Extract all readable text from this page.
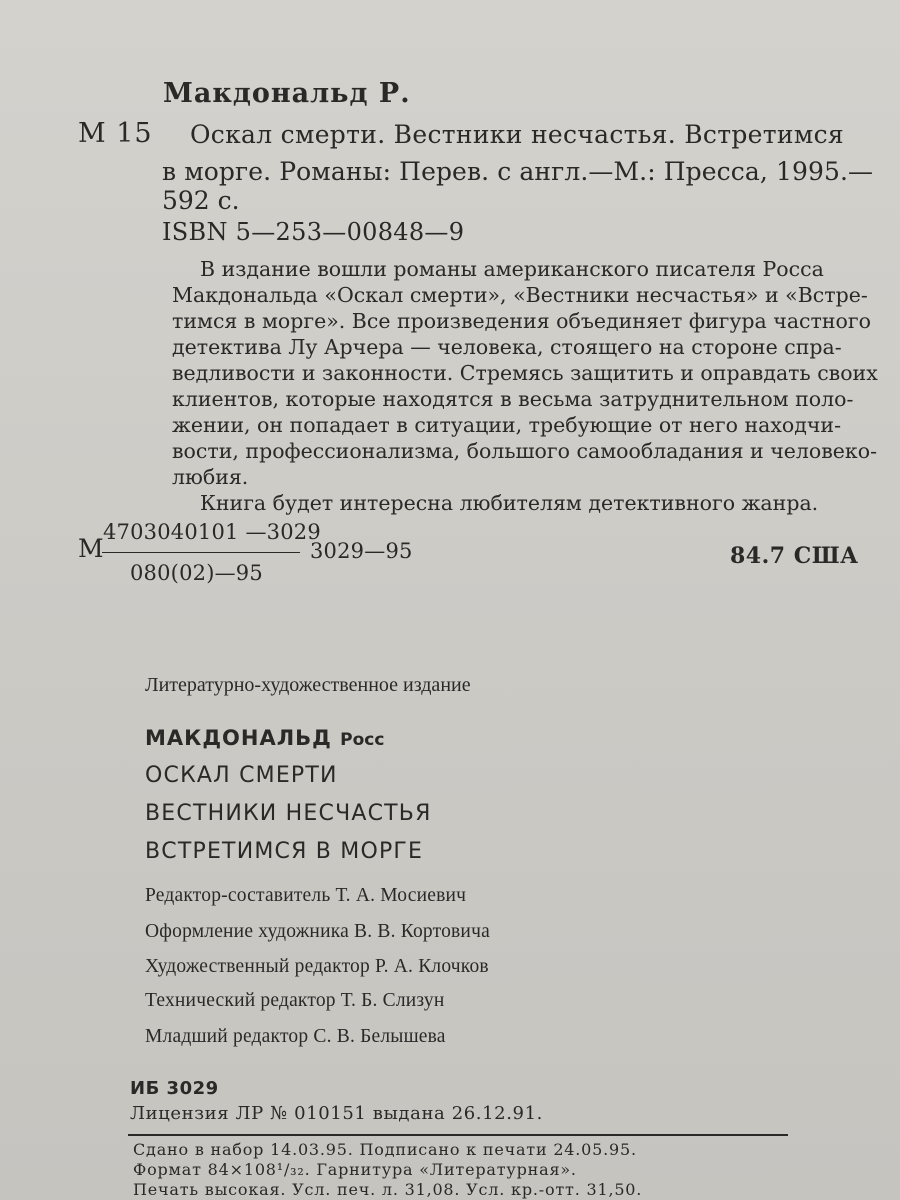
Макдональд Р.

М 15 Оскал смерти. Вестники несчастья. Встретимся

в морге. Романы: Перев. с англ.—М.: Пресса, 1995.—

592 с.

ISBN 5—253—00848—9

В издание вошли романы американского писателя Росса

Макдональда «Оскал смерти», «Вестники несчастья» и «Встре-

тимся в морге». Все произведения объединяет фигура частного

детектива Лу Арчера — человека, стоящего на стороне спра-

ведливости и законности. Стремясь защитить и оправдать своих

клиентов, которые находятся в весьма затруднительном поло-

жении, он попадает в ситуации, требующие от него находчи-

вости, профессионализма, большого самообладания и человеко-

любия.

Книга будет интересна любителям детективного жанра.

М
4703040101 —3029
080(02)—95
3029—95	84.7 США

Литературно-художественное издание

МАКДОНАЛЬД Росс

ОСКАЛ СМЕРТИ

ВЕСТНИКИ НЕСЧАСТЬЯ

ВСТРЕТИМСЯ В МОРГЕ

Редактор-составитель Т. А. Мосиевич

Оформление художника В. В. Кортовича

Художественный редактор Р. А. Клочков

Технический редактор Т. Б. Слизун

Младший редактор С. В. Белышева

ИБ 3029

Лицензия ЛР № 010151 выдана 26.12.91.

Сдано в набор 14.03.95. Подписано к печати 24.05.95.

Формат 84×108¹/₃₂. Гарнитура «Литературная».

Печать высокая. Усл. печ. л. 31,08. Усл. кр.-отт. 31,50.
